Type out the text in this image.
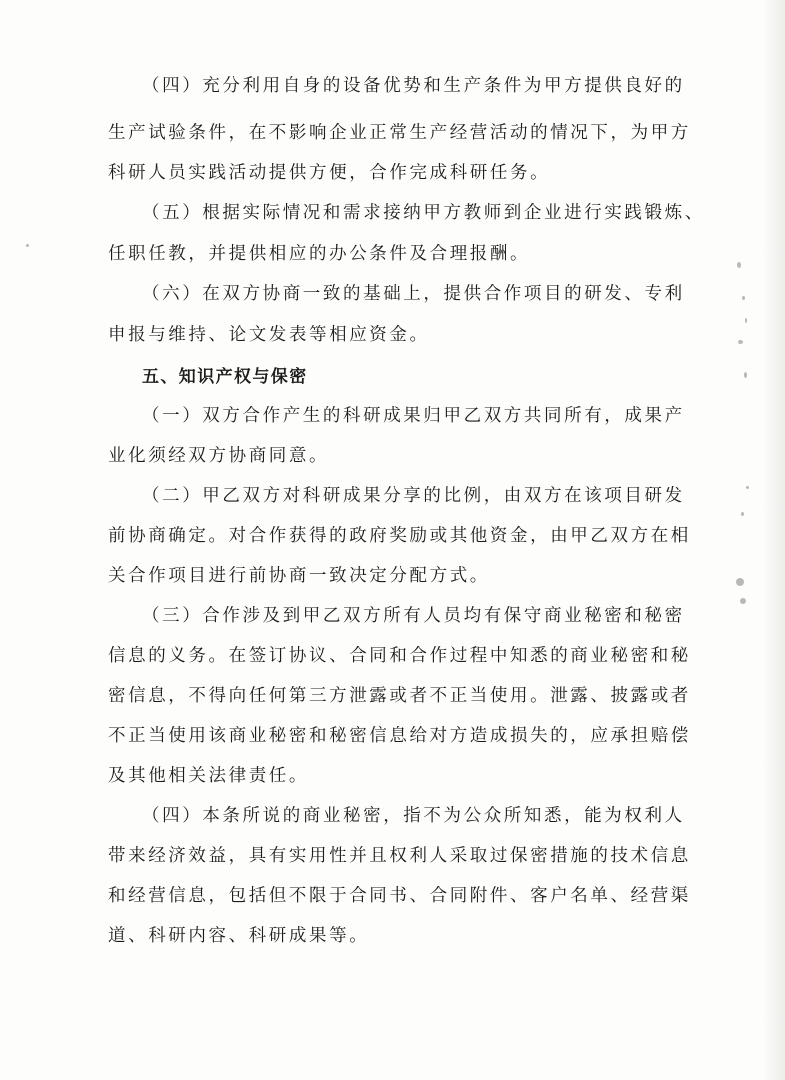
（四）充分利用自身的设备优势和生产条件为甲方提供良好的
生产试验条件，在不影响企业正常生产经营活动的情况下，为甲方
科研人员实践活动提供方便，合作完成科研任务。
（五）根据实际情况和需求接纳甲方教师到企业进行实践锻炼、
任职任教，并提供相应的办公条件及合理报酬。
（六）在双方协商一致的基础上，提供合作项目的研发、专利
申报与维持、论文发表等相应资金。
五、知识产权与保密
（一）双方合作产生的科研成果归甲乙双方共同所有，成果产
业化须经双方协商同意。
（二）甲乙双方对科研成果分享的比例，由双方在该项目研发
前协商确定。对合作获得的政府奖励或其他资金，由甲乙双方在相
关合作项目进行前协商一致决定分配方式。
（三）合作涉及到甲乙双方所有人员均有保守商业秘密和秘密
信息的义务。在签订协议、合同和合作过程中知悉的商业秘密和秘
密信息，不得向任何第三方泄露或者不正当使用。泄露、披露或者
不正当使用该商业秘密和秘密信息给对方造成损失的，应承担赔偿
及其他相关法律责任。
（四）本条所说的商业秘密，指不为公众所知悉，能为权利人
带来经济效益，具有实用性并且权利人采取过保密措施的技术信息
和经营信息，包括但不限于合同书、合同附件、客户名单、经营渠
道、科研内容、科研成果等。
